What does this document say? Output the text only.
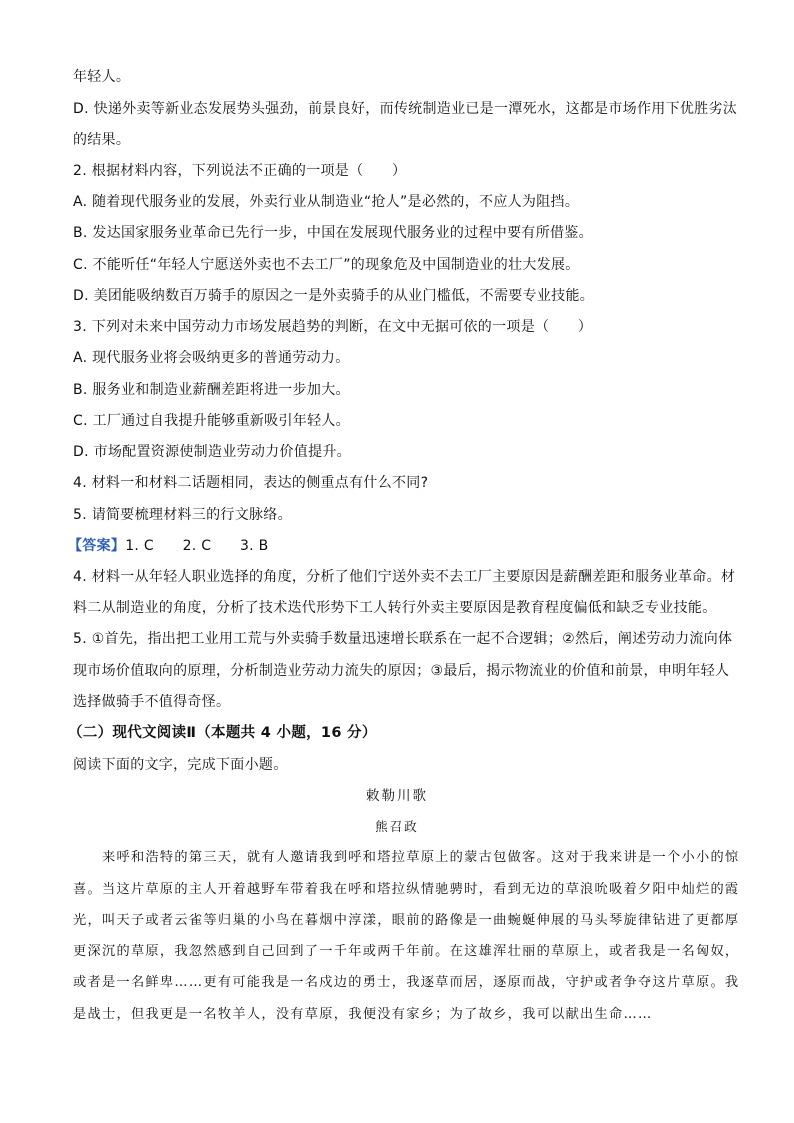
年轻人。
D. 快递外卖等新业态发展势头强劲，前景良好，而传统制造业已是一潭死水，这都是市场作用下优胜劣汰
的结果。
2. 根据材料内容，下列说法不正确的一项是（　　）
A. 随着现代服务业的发展，外卖行业从制造业“抢人”是必然的，不应人为阻挡。
B. 发达国家服务业革命已先行一步，中国在发展现代服务业的过程中要有所借鉴。
C. 不能听任“年轻人宁愿送外卖也不去工厂”的现象危及中国制造业的壮大发展。
D. 美团能吸纳数百万骑手的原因之一是外卖骑手的从业门槛低，不需要专业技能。
3. 下列对未来中国劳动力市场发展趋势的判断，在文中无据可依的一项是（　　）
A. 现代服务业将会吸纳更多的普通劳动力。
B. 服务业和制造业薪酬差距将进一步加大。
C. 工厂通过自我提升能够重新吸引年轻人。
D. 市场配置资源使制造业劳动力价值提升。
4. 材料一和材料二话题相同，表达的侧重点有什么不同?
5. 请简要梳理材料三的行文脉络。
【答案】1. C　　2. C　　3. B
4. 材料一从年轻人职业选择的角度，分析了他们宁送外卖不去工厂主要原因是薪酬差距和服务业革命。材
料二从制造业的角度，分析了技术迭代形势下工人转行外卖主要原因是教育程度偏低和缺乏专业技能。
5. ①首先，指出把工业用工荒与外卖骑手数量迅速增长联系在一起不合逻辑；②然后，阐述劳动力流向体
现市场价值取向的原理，分析制造业劳动力流失的原因；③最后，揭示物流业的价值和前景，申明年轻人
选择做骑手不值得奇怪。
（二）现代文阅读Ⅱ（本题共 4 小题，16 分）
阅读下面的文字，完成下面小题。
敕勒川歌
熊召政
　　来呼和浩特的第三天，就有人邀请我到呼和塔拉草原上的蒙古包做客。这对于我来讲是一个小小的惊
喜。当这片草原的主人开着越野车带着我在呼和塔拉纵情驰骋时，看到无边的草浪吮吸着夕阳中灿烂的霞
光，叫天子或者云雀等归巢的小鸟在暮烟中淳漾，眼前的路像是一曲蜿蜒伸展的马头琴旋律钻进了更都厚
更深沉的草原，我忽然感到自己回到了一千年或两千年前。在这雄浑壮丽的草原上，或者我是一名匈奴，
或者是一名鲜卑……更有可能我是一名戍边的勇士，我逐草而居，逐原而战，守护或者争夺这片草原。我
是战士，但我更是一名牧羊人，没有草原，我便没有家乡；为了故乡，我可以献出生命……
